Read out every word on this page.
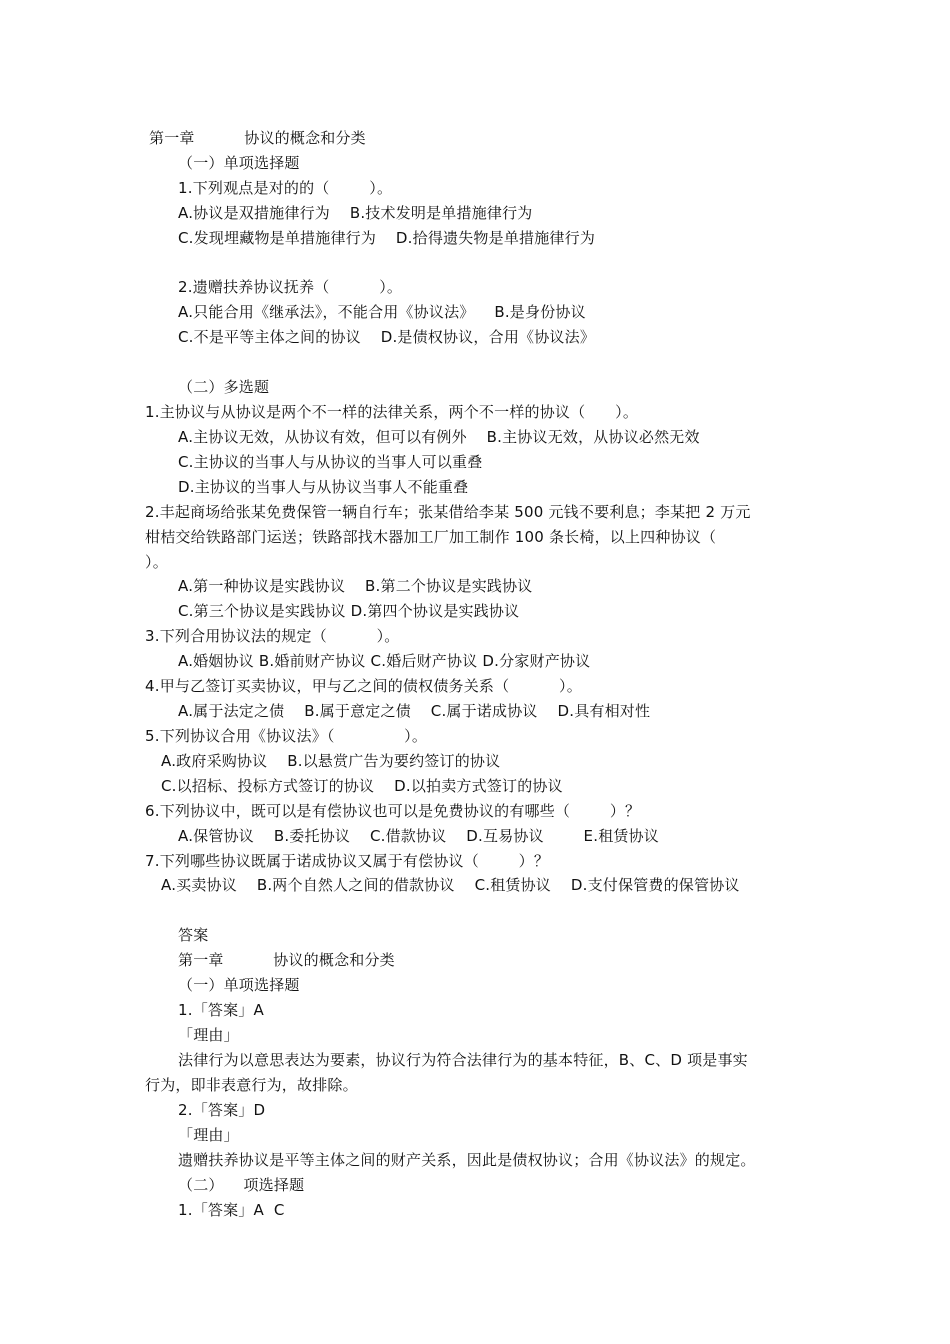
第一章          协议的概念和分类
（一）单项选择题
1.下列观点是对的的（        ）。
A.协议是双措施律行为    B.技术发明是单措施律行为
C.发现埋藏物是单措施律行为    D.拾得遗失物是单措施律行为
2.遗赠扶养协议抚养（          ）。
A.只能合用《继承法》，不能合用《协议法》    B.是身份协议
C.不是平等主体之间的协议    D.是债权协议，合用《协议法》
（二）多选题
1.主协议与从协议是两个不一样的法律关系，两个不一样的协议（      ）。
A.主协议无效，从协议有效，但可以有例外    B.主协议无效，从协议必然无效
C.主协议的当事人与从协议的当事人可以重叠
D.主协议的当事人与从协议当事人不能重叠
2.丰起商场给张某免费保管一辆自行车；张某借给李某 500 元钱不要利息；李某把 2 万元
柑桔交给铁路部门运送；铁路部找木器加工厂加工制作 100 条长椅，以上四种协议（
）。
A.第一种协议是实践协议    B.第二个协议是实践协议
C.第三个协议是实践协议 D.第四个协议是实践协议
3.下列合用协议法的规定（          ）。
A.婚姻协议 B.婚前财产协议 C.婚后财产协议 D.分家财产协议
4.甲与乙签订买卖协议，甲与乙之间的债权债务关系（          ）。
A.属于法定之债    B.属于意定之债    C.属于诺成协议    D.具有相对性
5.下列协议合用《协议法》（              ）。
A.政府采购协议    B.以悬赏广告为要约签订的协议
C.以招标、投标方式签订的协议    D.以拍卖方式签订的协议
6.下列协议中，既可以是有偿协议也可以是免费协议的有哪些（        ）？
A.保管协议    B.委托协议    C.借款协议    D.互易协议        E.租赁协议
7.下列哪些协议既属于诺成协议又属于有偿协议（        ）？
A.买卖协议    B.两个自然人之间的借款协议    C.租赁协议    D.支付保管费的保管协议
答案
第一章          协议的概念和分类
（一）单项选择题
1.「答案」A
「理由」
法律行为以意思表达为要素，协议行为符合法律行为的基本特征，B、C、D 项是事实
行为，即非表意行为，故排除。
2.「答案」D
「理由」
遗赠扶养协议是平等主体之间的财产关系，因此是债权协议；合用《协议法》的规定。
（二）    项选择题
1.「答案」A  C
